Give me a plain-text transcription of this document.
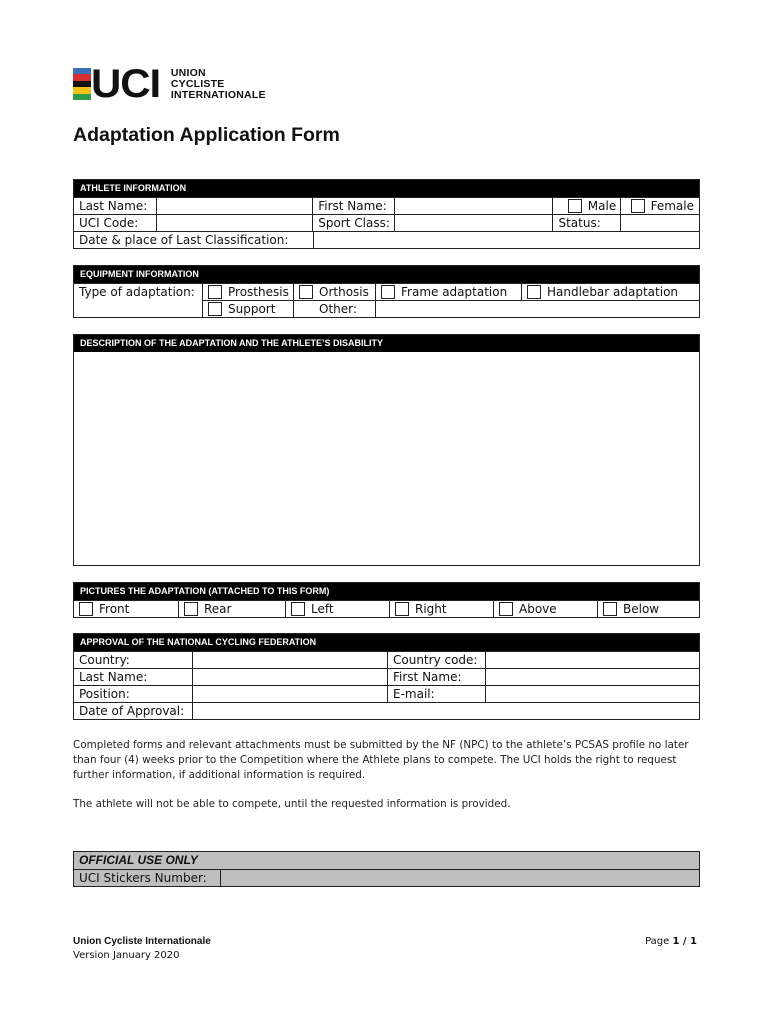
UCI UNION
CYCLISTE
INTERNATIONALE
Adaptation Application Form
ATHLETE INFORMATION
Last Name:	First Name:	Male	Female
UCI Code:	Sport Class:	Status:
Date & place of Last Classification:
EQUIPMENT INFORMATION
Type of adaptation:	Prosthesis	Orthosis	Frame adaptation	Handlebar adaptation
Support	Other:
DESCRIPTION OF THE ADAPTATION AND THE ATHLETE’S DISABILITY
PICTURES THE ADAPTATION (ATTACHED TO THIS FORM)
Front	Rear	Left	Right	Above	Below
APPROVAL OF THE NATIONAL CYCLING FEDERATION
Country:	Country code:
Last Name:	First Name:
Position:	E-mail:
Date of Approval:
Completed forms and relevant attachments must be submitted by the NF (NPC) to the athlete’s PCSAS profile no later than four (4) weeks prior to the Competition where the Athlete plans to compete. The UCI holds the right to request further information, if additional information is required.
The athlete will not be able to compete, until the requested information is provided.
OFFICIAL USE ONLY
UCI Stickers Number:
Union Cycliste Internationale
Version January 2020
Page 1 / 1
